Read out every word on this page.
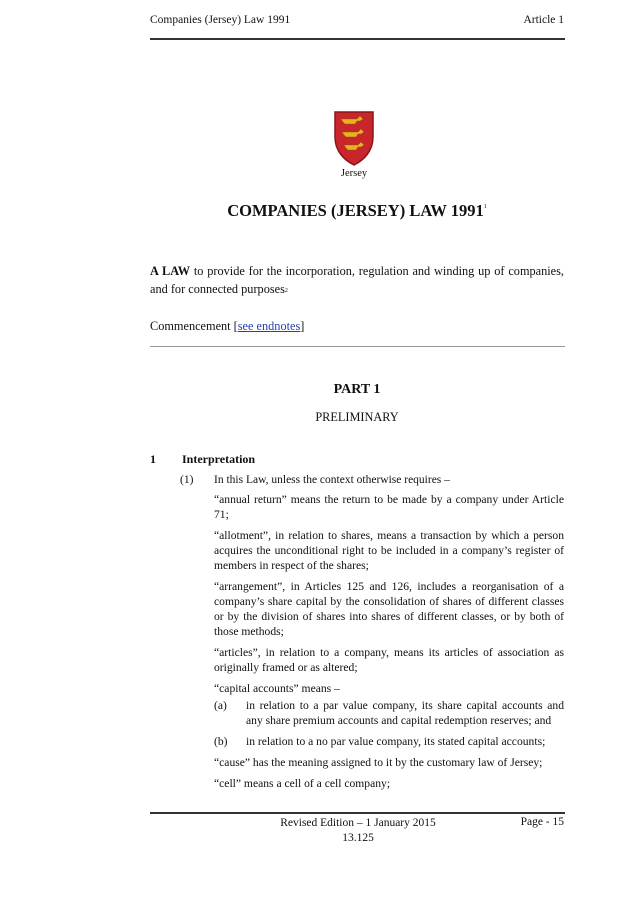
Companies (Jersey) Law 1991	Article 1
Jersey
COMPANIES (JERSEY) LAW 1991$^1$
A LAW to provide for the incorporation, regulation and winding up of companies, and for connected purposes$^2$
Commencement [see endnotes]
PART 1
PRELIMINARY
1 Interpretation
(1) In this Law, unless the context otherwise requires –
“annual return” means the return to be made by a company under Article 71;
“allotment”, in relation to shares, means a transaction by which a person acquires the unconditional right to be included in a company’s register of members in respect of the shares;
“arrangement”, in Articles 125 and 126, includes a reorganisation of a company’s share capital by the consolidation of shares of different classes or by the division of shares into shares of different classes, or by both of those methods;
“articles”, in relation to a company, means its articles of association as originally framed or as altered;
“capital accounts” means –
(a) in relation to a par value company, its share capital accounts and any share premium accounts and capital redemption reserves; and
(b) in relation to a no par value company, its stated capital accounts;
“cause” has the meaning assigned to it by the customary law of Jersey;
“cell” means a cell of a cell company;
Revised Edition – 1 January 2015
13.125
Page - 15
